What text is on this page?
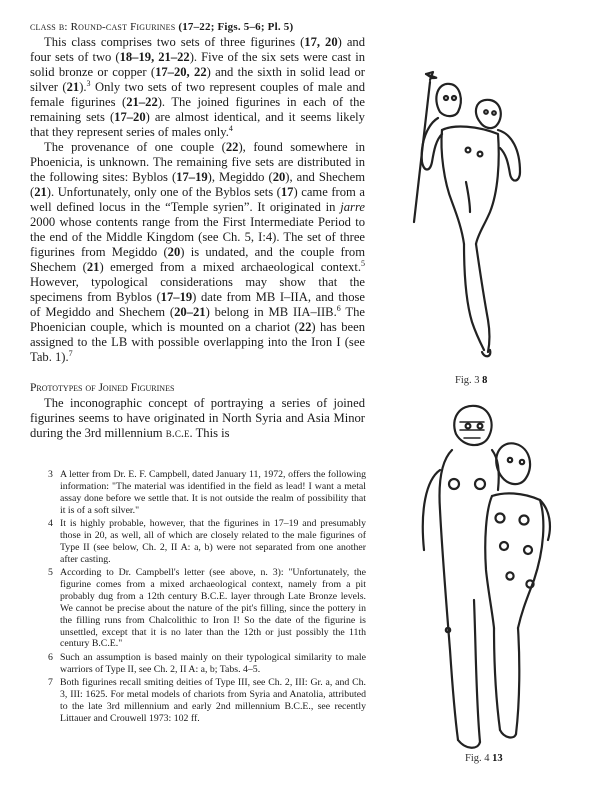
class b: Round-cast Figurines (17–22; Figs. 5–6; Pl. 5)

This class comprises two sets of three figurines (17, 20) and four sets of two (18–19, 21–22). Five of the six sets were cast in solid bronze or copper (17–20, 22) and the sixth in solid lead or silver (21).$^3$ Only two sets of two represent couples of male and female figurines (21–22). The joined figurines in each of the remaining sets (17–20) are almost identical, and it seems likely that they represent series of males only.$^4$

The provenance of one couple (22), found somewhere in Phoenicia, is unknown. The remaining five sets are distributed in the following sites: Byblos (17–19), Megiddo (20), and Shechem (21). Unfortunately, only one of the Byblos sets (17) came from a well defined locus in the “Temple syrien”. It originated in jarre 2000 whose contents range from the First Intermediate Period to the end of the Middle Kingdom (see Ch. 5, I:4). The set of three figurines from Megiddo (20) is undated, and the couple from Shechem (21) emerged from a mixed archaeological context.$^5$ However, typological considerations may show that the specimens from Byblos (17–19) date from MB I–IIA, and those of Megiddo and Shechem (20–21) belong in MB IIA–IIB.$^6$ The Phoenician couple, which is mounted on a chariot (22) has been assigned to the LB with possible overlapping into the Iron I (see Tab. 1).$^7$

Prototypes of Joined Figurines

The inconographic concept of portraying a series of joined figurines seems to have originated in North Syria and Asia Minor during the 3rd millennium b.c.e. This is

3 A letter from Dr. E. F. Campbell, dated January 11, 1972, offers the following information: "The material was identified in the field as lead! I want a metal assay done before we settle that. It is not outside the realm of possibility that it is of a soft silver."

4 It is highly probable, however, that the figurines in 17–19 and presumably those in 20, as well, all of which are closely related to the male figurines of Type II (see below, Ch. 2, II A: a, b) were not separated from one another after casting.

5 According to Dr. Campbell's letter (see above, n. 3): "Unfortunately, the figurine comes from a mixed archaeological context, namely from a pit probably dug from a 12th century B.C.E. layer through Late Bronze levels. We cannot be precise about the nature of the pit's filling, since the pottery in the filling runs from Chalcolithic to Iron I! So the date of the figurine is unsettled, except that it is no later than the 12th or just possibly the 11th century B.C.E."

6 Such an assumption is based mainly on their typological similarity to male warriors of Type II, see Ch. 2, II A: a, b; Tabs. 4–5.

7 Both figurines recall smiting deities of Type III, see Ch. 2, III: Gr. a, and Ch. 3, III: 1625. For metal models of chariots from Syria and Anatolia, attributed to the late 3rd millennium and early 2nd millennium B.C.E., see recently Littauer and Crouwell 1973: 102 ff.

Fig. 3 8
Fig. 4 13
